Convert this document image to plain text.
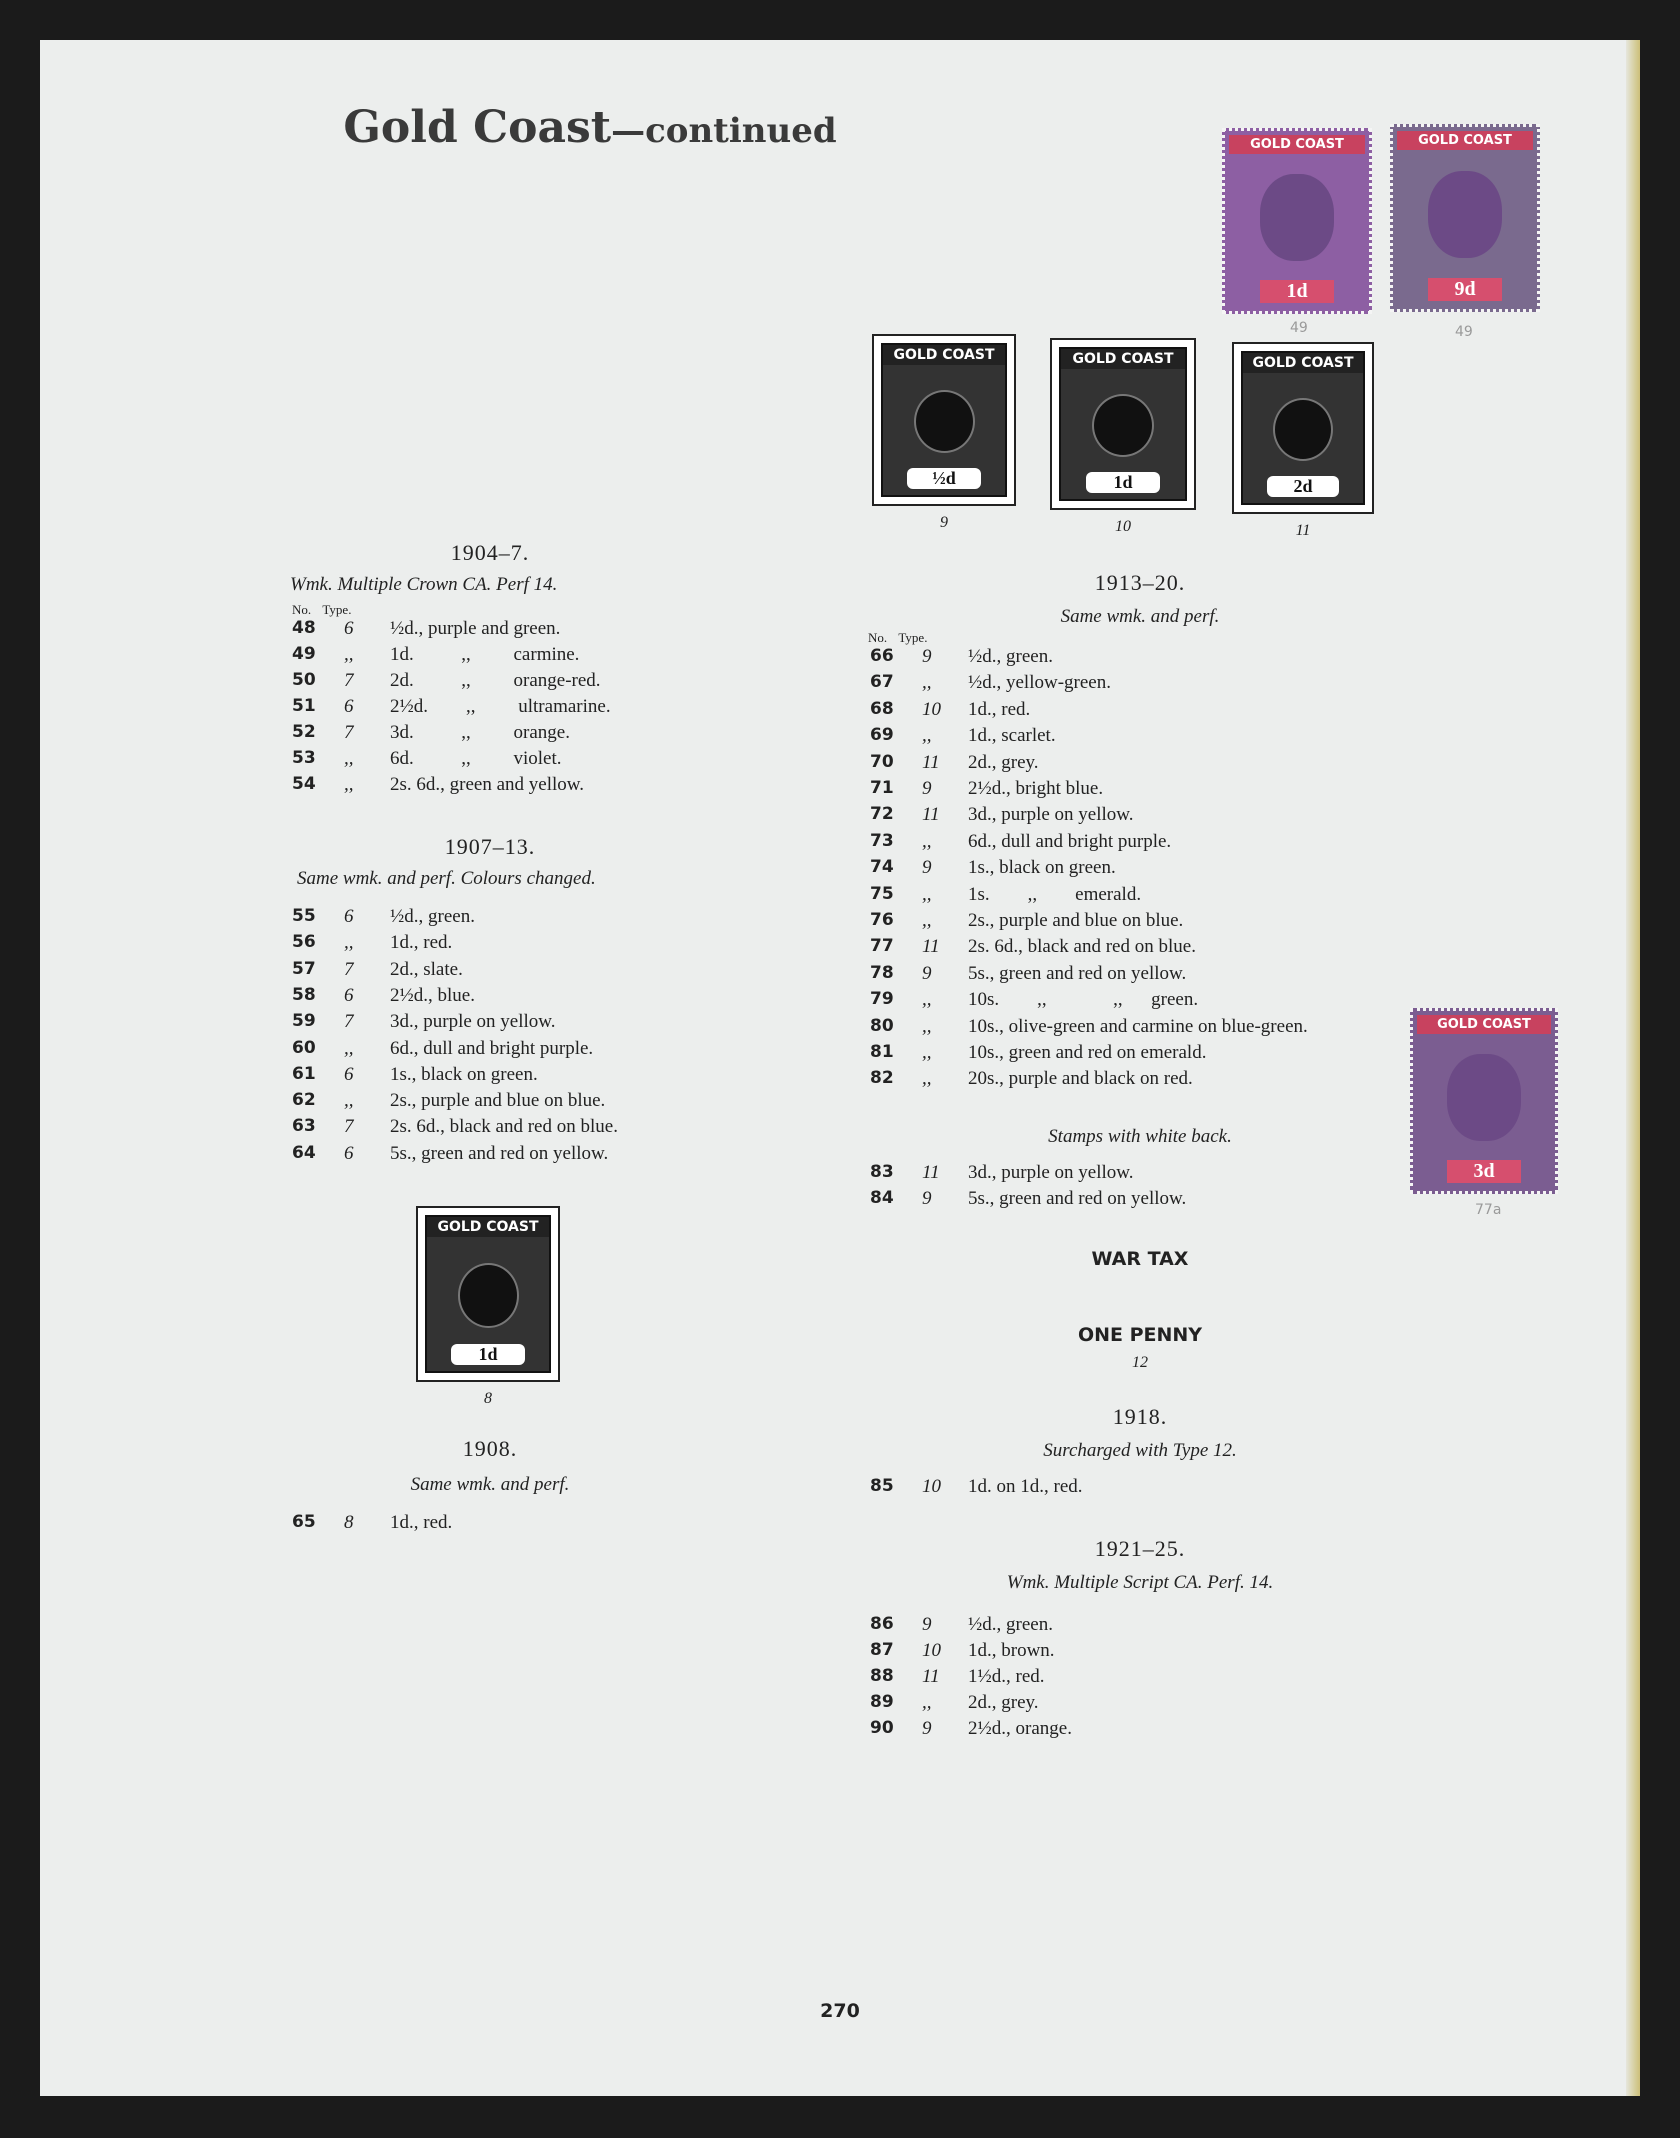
Gold Coast—continued	GOLD COAST
1d
49
GOLD COAST
9d
49
GOLD COAST
3d
77a
GOLD COAST
½d
9
GOLD COAST
1d
10
GOLD COAST
2d
11
GOLD COAST
1d
8
1904–7.
Wmk. Multiple Crown CA. Perf 14.
No. Type.
48 6 ½d., purple and green.
49 ,, 1d.          ,,         carmine.
50 7 2d.          ,,         orange-red.
51 6 2½d.        ,,         ultramarine.
52 7 3d.          ,,         orange.
53 ,, 6d.          ,,         violet.
54 ,, 2s. 6d., green and yellow.
1907–13.
Same wmk. and perf. Colours changed.
55 6 ½d., green.
56 ,, 1d., red.
57 7 2d., slate.
58 6 2½d., blue.
59 7 3d., purple on yellow.
60 ,, 6d., dull and bright purple.
61 6 1s., black on green.
62 ,, 2s., purple and blue on blue.
63 7 2s. 6d., black and red on blue.
64 6 5s., green and red on yellow.
1908.
Same wmk. and perf.
65 8 1d., red.
1913–20.
Same wmk. and perf.
No. Type.
66 9 ½d., green.
67 ,, ½d., yellow-green.
68 10 1d., red.
69 ,, 1d., scarlet.
70 11 2d., grey.
71 9 2½d., bright blue.
72 11 3d., purple on yellow.
73 ,, 6d., dull and bright purple.
74 9 1s., black on green.
75 ,, 1s.        ,,        emerald.
76 ,, 2s., purple and blue on blue.
77 11 2s. 6d., black and red on blue.
78 9 5s., green and red on yellow.
79 ,, 10s.        ,,              ,,      green.
80 ,, 10s., olive-green and carmine on blue-green.
81 ,, 10s., green and red on emerald.
82 ,, 20s., purple and black on red.
Stamps with white back.
83 11 3d., purple on yellow.
84 9 5s., green and red on yellow.
WAR TAX
ONE PENNY
12
1918.
Surcharged with Type 12.
85 10 1d. on 1d., red.
1921–25.
Wmk. Multiple Script CA. Perf. 14.
86 9 ½d., green.
87 10 1d., brown.
88 11 1½d., red.
89 ,, 2d., grey.
90 9 2½d., orange.
270
